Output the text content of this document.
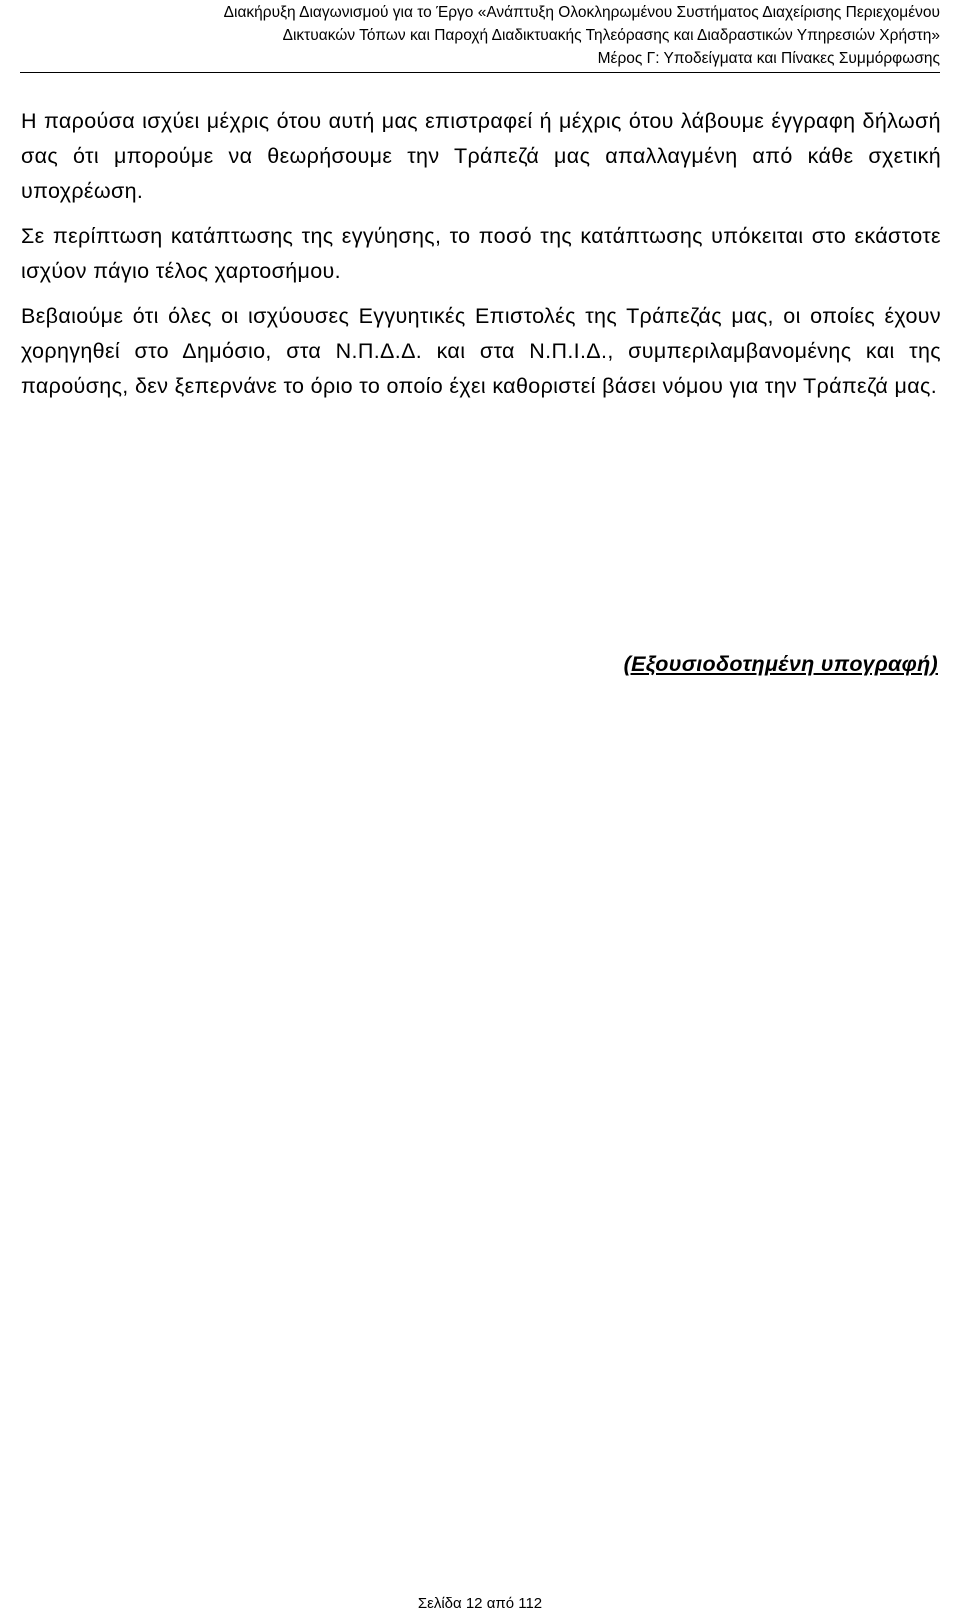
Διακήρυξη Διαγωνισμού για το Έργο «Ανάπτυξη Ολοκληρωμένου Συστήματος Διαχείρισης Περιεχομένου
Δικτυακών Τόπων και Παροχή Διαδικτυακής Τηλεόρασης και Διαδραστικών Υπηρεσιών Χρήστη»
Μέρος Γ: Υποδείγματα και Πίνακες Συμμόρφωσης

Η παρούσα ισχύει μέχρις ότου αυτή μας επιστραφεί ή μέχρις ότου λάβουμε έγγραφη δήλωσή σας ότι μπορούμε να θεωρήσουμε την Τράπεζά μας απαλλαγμένη από κάθε σχετική υποχρέωση.

Σε περίπτωση κατάπτωσης της εγγύησης, το ποσό της κατάπτωσης υπόκειται στο εκάστοτε ισχύον πάγιο τέλος χαρτοσήμου.

Βεβαιούμε ότι όλες οι ισχύουσες Εγγυητικές Επιστολές της Τράπεζάς μας, οι οποίες έχουν χορηγηθεί στο Δημόσιο, στα Ν.Π.Δ.Δ. και στα Ν.Π.Ι.Δ., συμπεριλαμβανομένης και της παρούσης, δεν ξεπερνάνε το όριο το οποίο έχει καθοριστεί βάσει νόμου για την Τράπεζά μας.

(Εξουσιοδοτημένη υπογραφή)
Σελίδα 12 από 112
